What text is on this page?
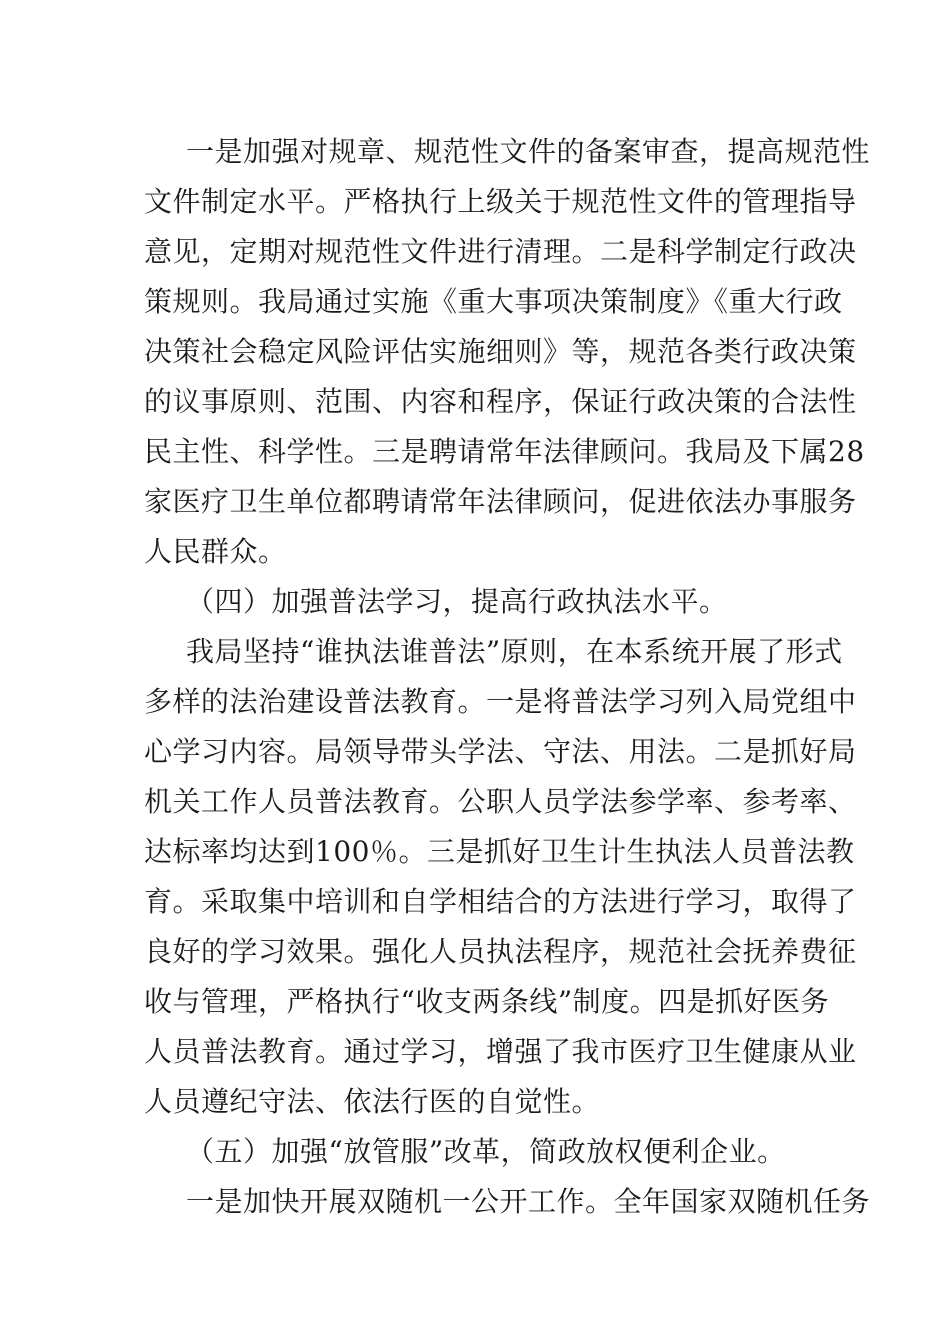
一是加强对规章、规范性文件的备案审查，提高规范性
文件制定水平。严格执行上级关于规范性文件的管理指导
意见，定期对规范性文件进行清理。二是科学制定行政决
策规则。我局通过实施《重大事项决策制度》《重大行政
决策社会稳定风险评估实施细则》等，规范各类行政决策
的议事原则、范围、内容和程序，保证行政决策的合法性
民主性、科学性。三是聘请常年法律顾问。我局及下属28
家医疗卫生单位都聘请常年法律顾问，促进依法办事服务
人民群众。
（四）加强普法学习，提高行政执法水平。
我局坚持“谁执法谁普法”原则，在本系统开展了形式
多样的法治建设普法教育。一是将普法学习列入局党组中
心学习内容。局领导带头学法、守法、用法。二是抓好局
机关工作人员普法教育。公职人员学法参学率、参考率、
达标率均达到100％。三是抓好卫生计生执法人员普法教
育。采取集中培训和自学相结合的方法进行学习，取得了
良好的学习效果。强化人员执法程序，规范社会抚养费征
收与管理，严格执行“收支两条线”制度。四是抓好医务
人员普法教育。通过学习，增强了我市医疗卫生健康从业
人员遵纪守法、依法行医的自觉性。
（五）加强“放管服”改革，简政放权便利企业。
一是加快开展双随机一公开工作。全年国家双随机任务
